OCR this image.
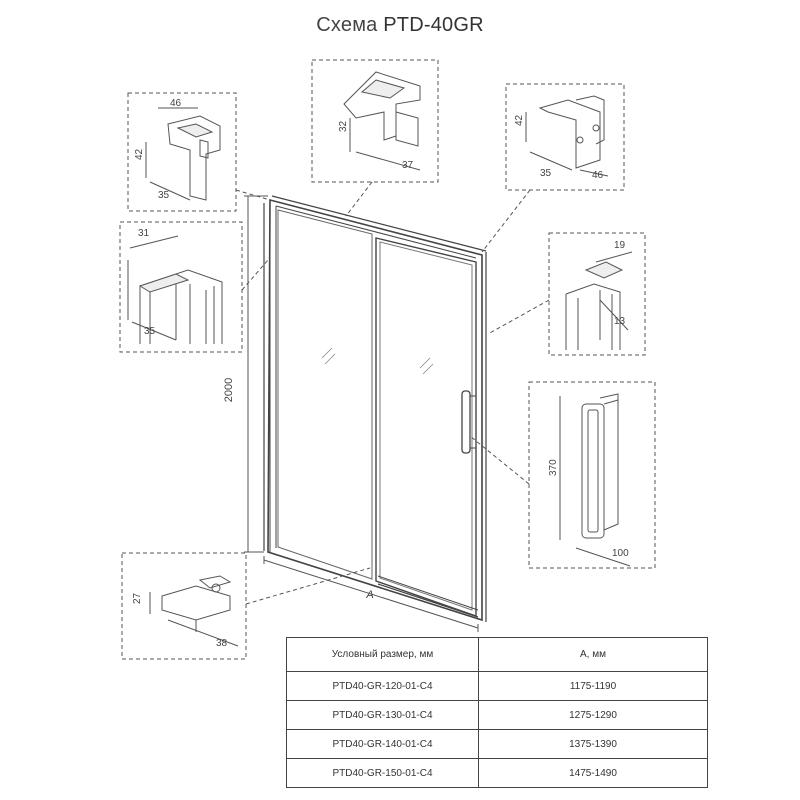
Схема PTD-40GR
2000
A
46
42
35
32
37
42
35	46
31
35
19
13
370
100
27
38
Условный размер, мм	А, мм
PTD40-GR-120-01-C4	1175-1190
PTD40-GR-130-01-C4	1275-1290
PTD40-GR-140-01-C4	1375-1390
PTD40-GR-150-01-C4	1475-1490
